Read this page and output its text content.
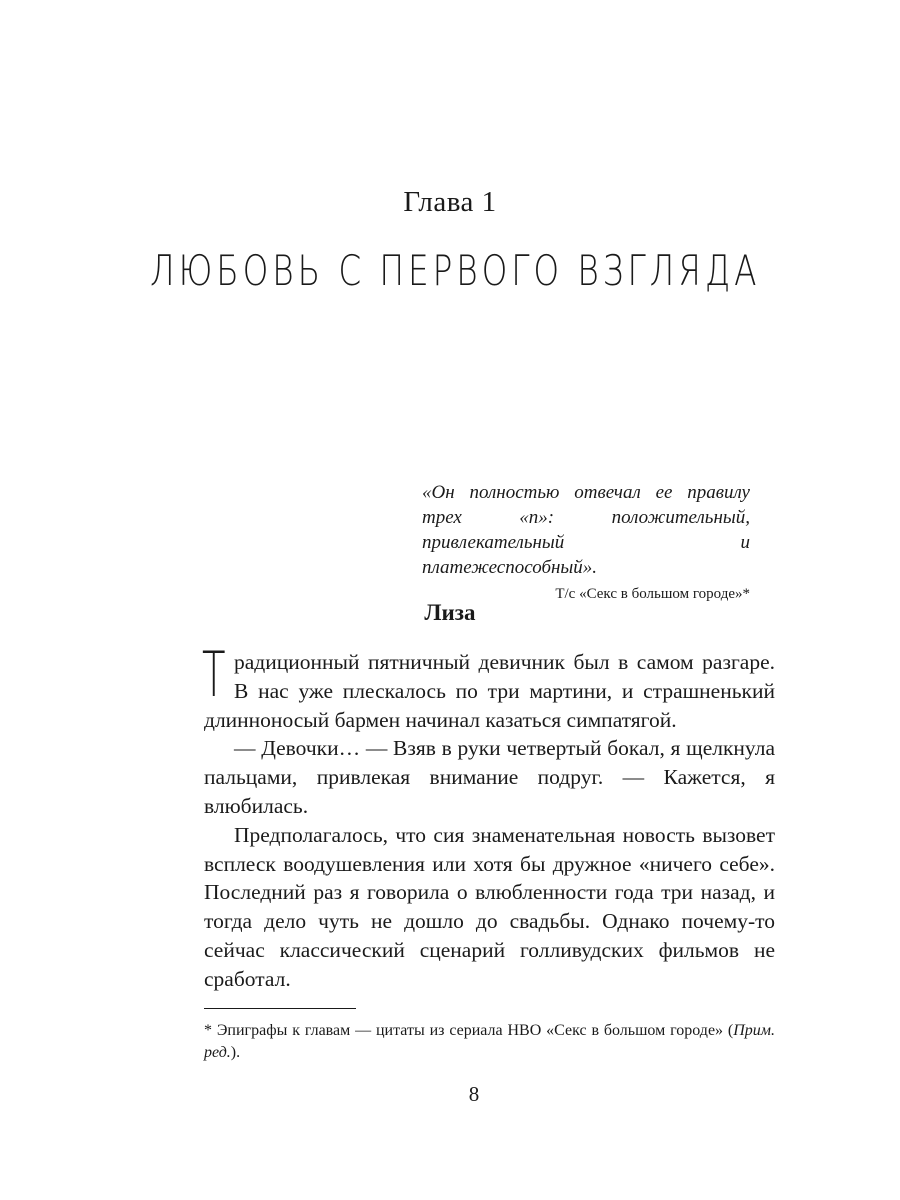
Глава 1
ЛЮБОВЬ С ПЕРВОГО ВЗГЛЯДА
«Он полностью отвечал ее правилу трех «п»: положительный, привлекательный и платежеспособный».
Т/с «Секс в большом городе»*
Лиза

Традиционный пятничный девичник был в самом разгаре. В нас уже плескалось по три мартини, и страшненький длинноносый бармен начинал казаться симпатягой.

— Девочки… — Взяв в руки четвертый бокал, я щелкнула пальцами, привлекая внимание подруг. — Кажется, я влюбилась.

Предполагалось, что сия знаменательная новость вызовет всплеск воодушевления или хотя бы дружное «ничего себе». Последний раз я говорила о влюбленности года три назад, и тогда дело чуть не дошло до свадьбы. Однако почему-то сейчас классический сценарий голливудских фильмов не сработал.

* Эпиграфы к главам — цитаты из сериала HBO «Секс в большом городе» (Прим. ред.).
8
